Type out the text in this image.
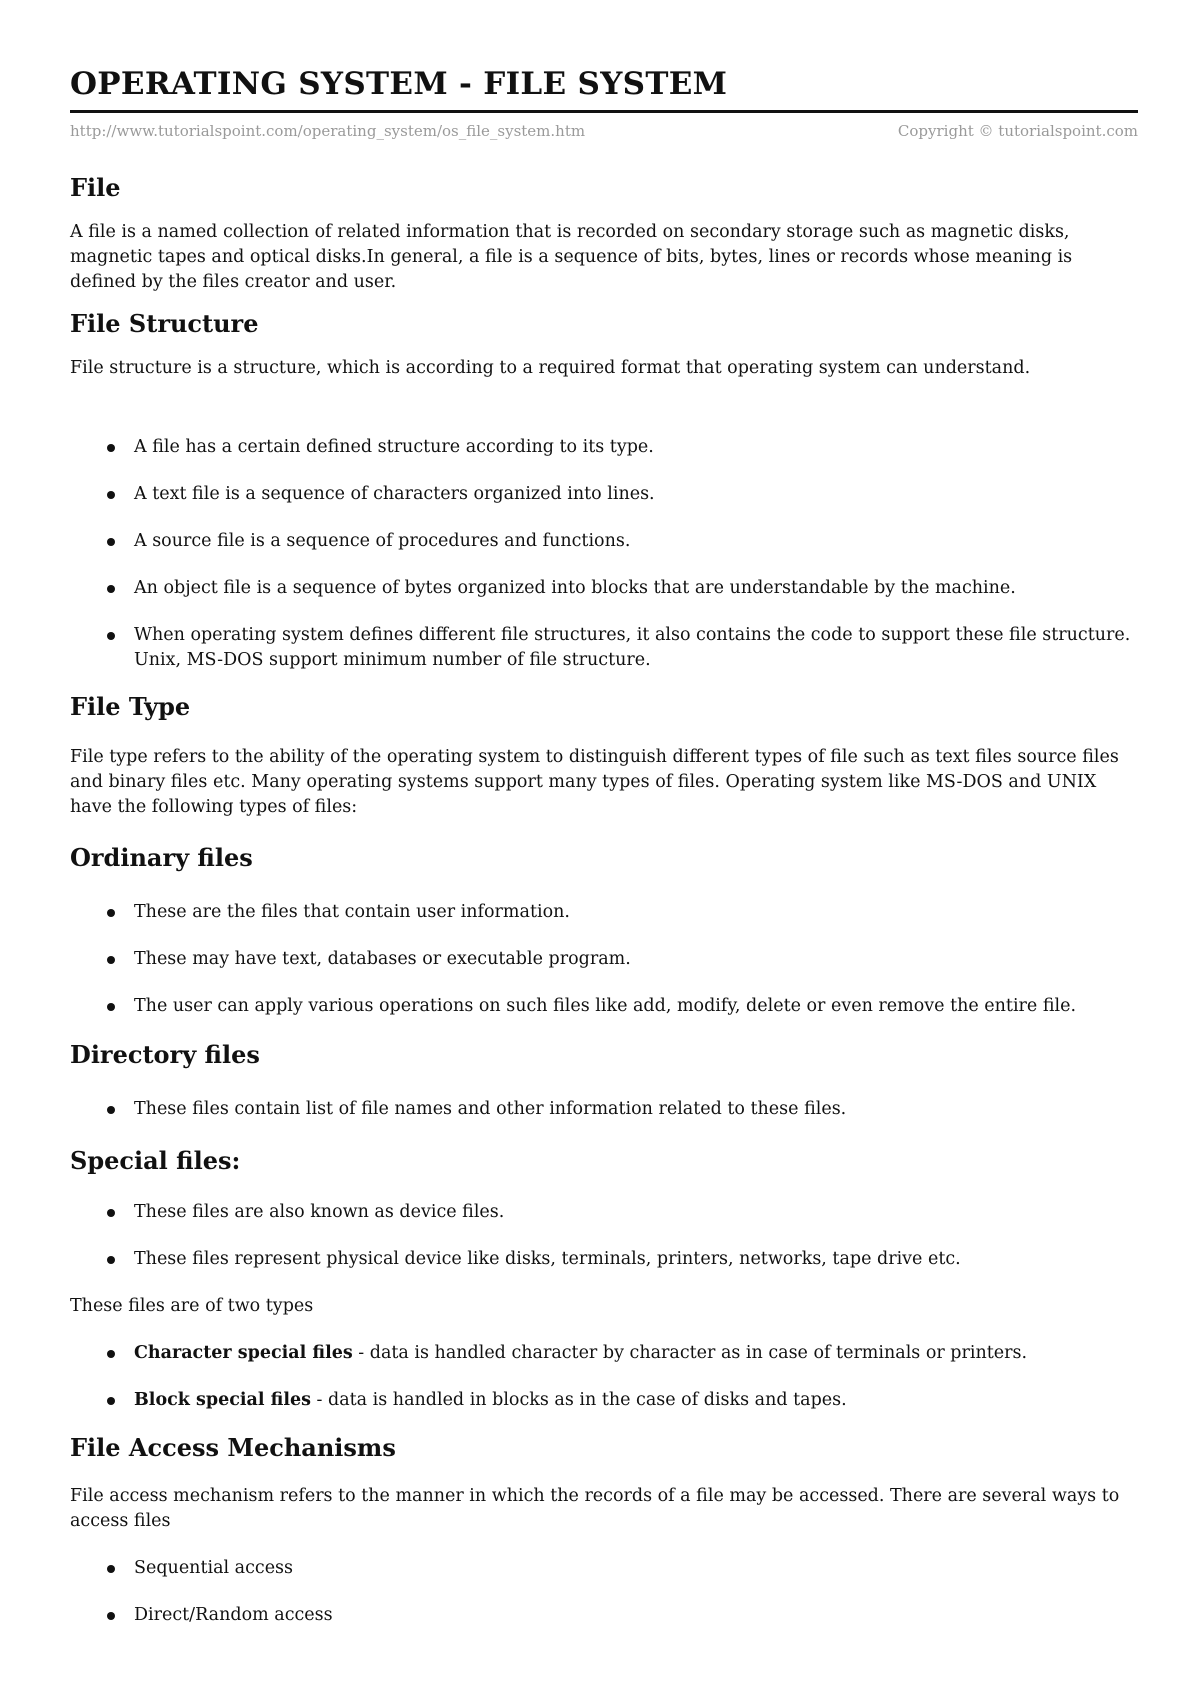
OPERATING SYSTEM - FILE SYSTEM
http://www.tutorialspoint.com/operating_system/os_file_system.htm	Copyright © tutorialspoint.com
File

A file is a named collection of related information that is recorded on secondary storage such as magnetic disks, magnetic tapes and optical disks.In general, a file is a sequence of bits, bytes, lines or records whose meaning is defined by the files creator and user.

File Structure

File structure is a structure, which is according to a required format that operating system can understand.

A file has a certain defined structure according to its type.
A text file is a sequence of characters organized into lines.
A source file is a sequence of procedures and functions.
An object file is a sequence of bytes organized into blocks that are understandable by the machine.
When operating system defines different file structures, it also contains the code to support these file structure. Unix, MS-DOS support minimum number of file structure.
File Type

File type refers to the ability of the operating system to distinguish different types of file such as text files source files and binary files etc. Many operating systems support many types of files. Operating system like MS-DOS and UNIX have the following types of files:

Ordinary files
These are the files that contain user information.
These may have text, databases or executable program.
The user can apply various operations on such files like add, modify, delete or even remove the entire file.
Directory files
These files contain list of file names and other information related to these files.
Special files:
These files are also known as device files.
These files represent physical device like disks, terminals, printers, networks, tape drive etc.

These files are of two types

Character special files - data is handled character by character as in case of terminals or printers.
Block special files - data is handled in blocks as in the case of disks and tapes.
File Access Mechanisms

File access mechanism refers to the manner in which the records of a file may be accessed. There are several ways to access files

Sequential access
Direct/Random access
